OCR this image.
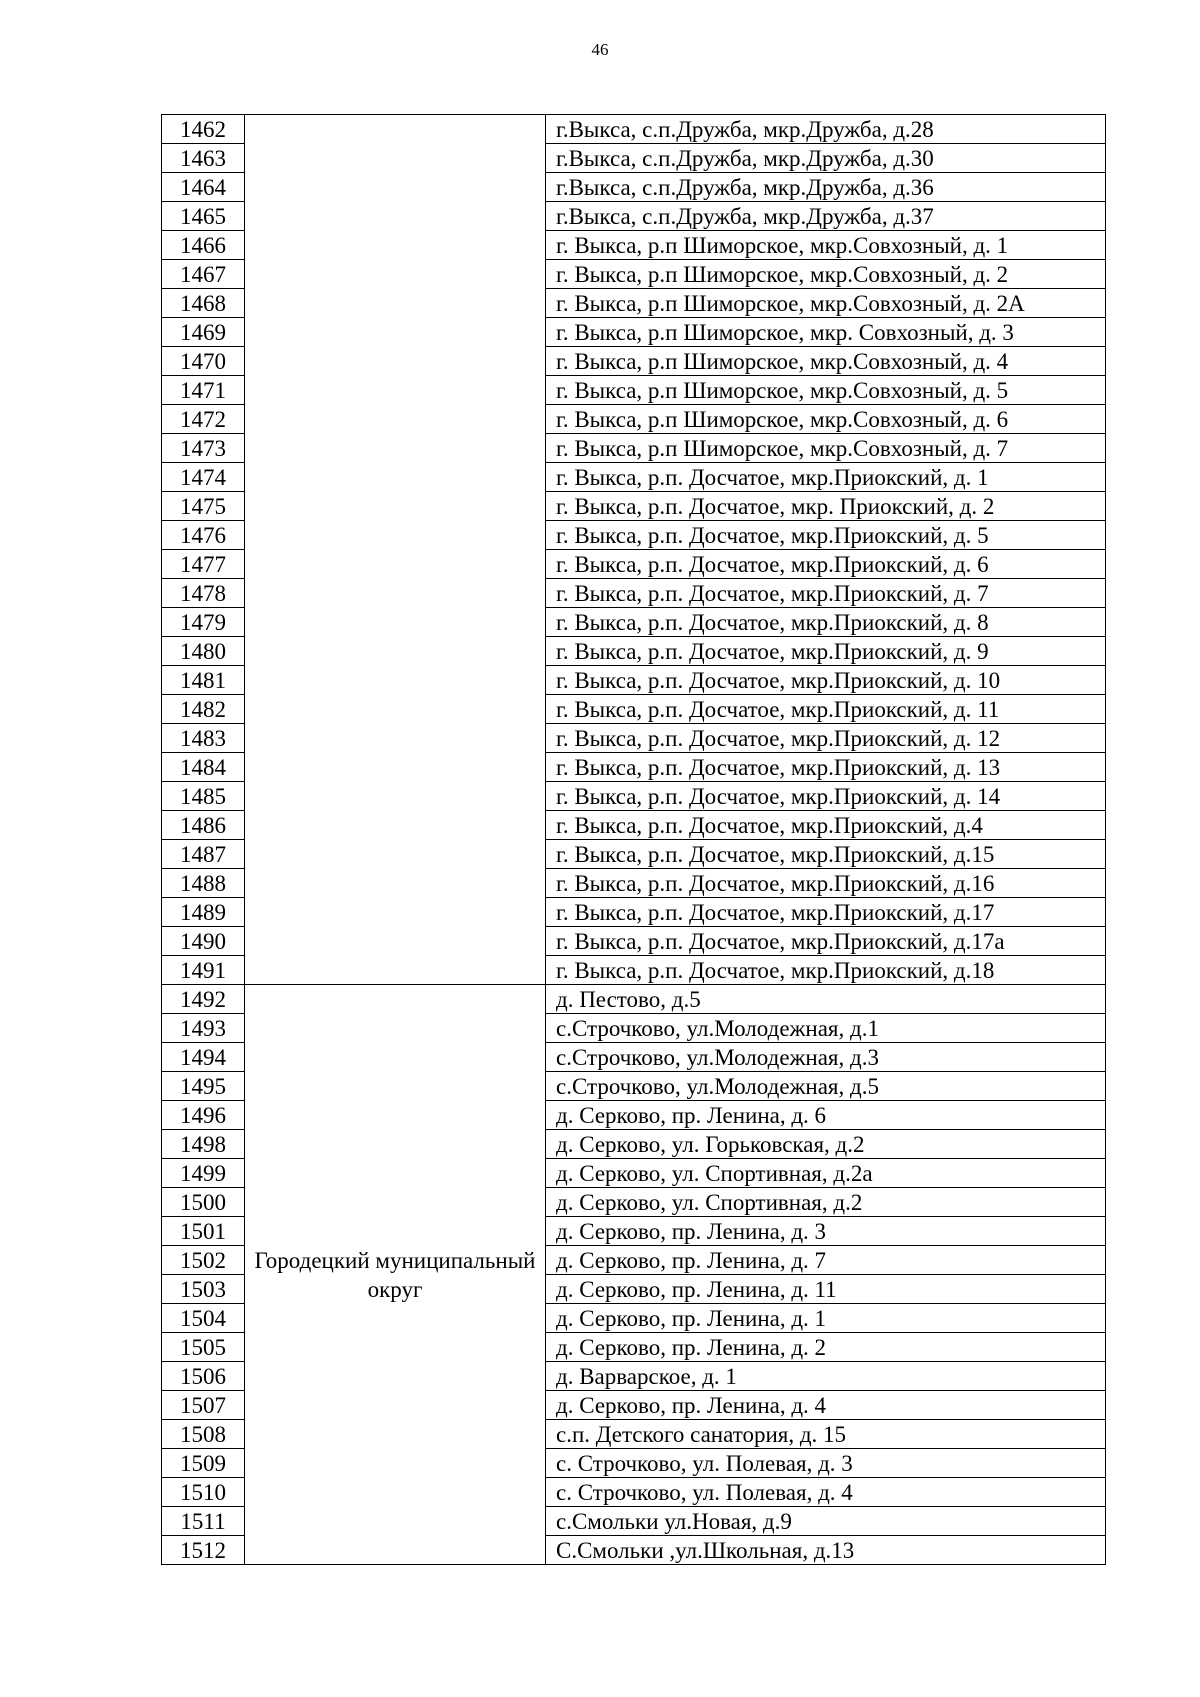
46
1462		г.Выкса, с.п.Дружба, мкр.Дружба, д.28
1463		г.Выкса, с.п.Дружба, мкр.Дружба, д.30
1464		г.Выкса, с.п.Дружба, мкр.Дружба, д.36
1465		г.Выкса, с.п.Дружба, мкр.Дружба, д.37
1466		г. Выкса, р.п Шиморское, мкр.Совхозный, д. 1
1467		г. Выкса, р.п Шиморское, мкр.Совхозный, д. 2
1468		г. Выкса, р.п Шиморское, мкр.Совхозный, д. 2А
1469		г. Выкса, р.п Шиморское, мкр. Совхозный, д. 3
1470		г. Выкса, р.п Шиморское, мкр.Совхозный, д. 4
1471		г. Выкса, р.п Шиморское, мкр.Совхозный, д. 5
1472		г. Выкса, р.п Шиморское, мкр.Совхозный, д. 6
1473		г. Выкса, р.п Шиморское, мкр.Совхозный, д. 7
1474		г. Выкса, р.п. Досчатое, мкр.Приокский, д. 1
1475		г. Выкса, р.п. Досчатое, мкр. Приокский, д. 2
1476		г. Выкса, р.п. Досчатое, мкр.Приокский, д. 5
1477		г. Выкса, р.п. Досчатое, мкр.Приокский, д. 6
1478		г. Выкса, р.п. Досчатое, мкр.Приокский, д. 7
1479		г. Выкса, р.п. Досчатое, мкр.Приокский, д. 8
1480		г. Выкса, р.п. Досчатое, мкр.Приокский, д. 9
1481		г. Выкса, р.п. Досчатое, мкр.Приокский, д. 10
1482		г. Выкса, р.п. Досчатое, мкр.Приокский, д. 11
1483		г. Выкса, р.п. Досчатое, мкр.Приокский, д. 12
1484		г. Выкса, р.п. Досчатое, мкр.Приокский, д. 13
1485		г. Выкса, р.п. Досчатое, мкр.Приокский, д. 14
1486		г. Выкса, р.п. Досчатое, мкр.Приокский, д.4
1487		г. Выкса, р.п. Досчатое, мкр.Приокский, д.15
1488		г. Выкса, р.п. Досчатое, мкр.Приокский, д.16
1489		г. Выкса, р.п. Досчатое, мкр.Приокский, д.17
1490		г. Выкса, р.п. Досчатое, мкр.Приокский, д.17а
1491		г. Выкса, р.п. Досчатое, мкр.Приокский, д.18
1492	Городецкий муниципальный округ	д. Пестово, д.5
1493		с.Строчково, ул.Молодежная, д.1
1494		с.Строчково, ул.Молодежная, д.3
1495		с.Строчково, ул.Молодежная, д.5
1496		д. Серково, пр. Ленина, д. 6
1498		д. Серково, ул. Горьковская, д.2
1499		д. Серково, ул. Спортивная, д.2а
1500		д. Серково, ул. Спортивная, д.2
1501		д. Серково, пр. Ленина, д. 3
1502		д. Серково, пр. Ленина, д. 7
1503		д. Серково, пр. Ленина, д. 11
1504		д. Серково, пр. Ленина, д. 1
1505		д. Серково, пр. Ленина, д. 2
1506		д. Варварское, д. 1
1507		д. Серково, пр. Ленина, д. 4
1508		с.п. Детского санатория, д. 15
1509		с. Строчково, ул. Полевая, д. 3
1510		с. Строчково, ул. Полевая, д. 4
1511		с.Смольки ул.Новая, д.9
1512		С.Смольки ,ул.Школьная, д.13
